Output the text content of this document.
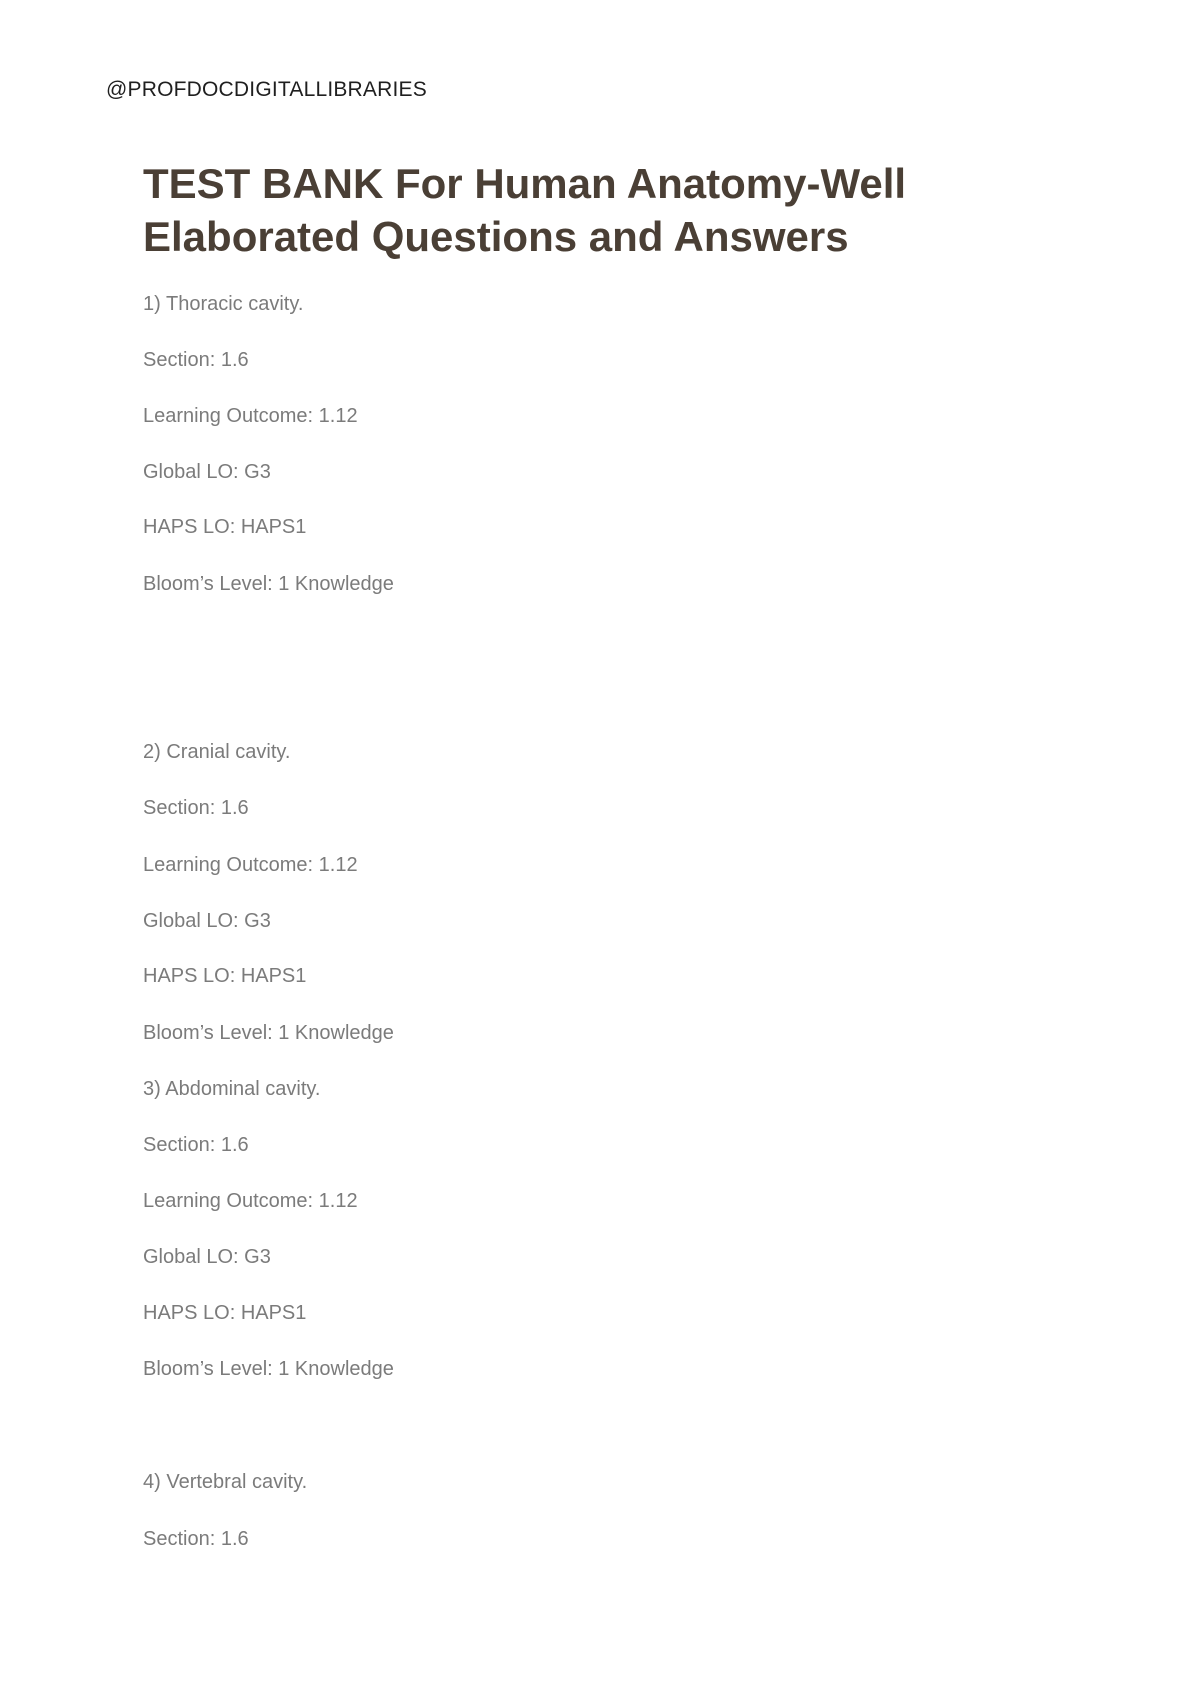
@PROFDOCDIGITALLIBRARIES
TEST BANK For Human Anatomy-Well
Elaborated Questions and Answers
1) Thoracic cavity.
Section: 1.6
Learning Outcome: 1.12
Global LO: G3
HAPS LO: HAPS1
Bloom’s Level: 1 Knowledge
2) Cranial cavity.
Section: 1.6
Learning Outcome: 1.12
Global LO: G3
HAPS LO: HAPS1
Bloom’s Level: 1 Knowledge
3) Abdominal cavity.
Section: 1.6
Learning Outcome: 1.12
Global LO: G3
HAPS LO: HAPS1
Bloom’s Level: 1 Knowledge
4) Vertebral cavity.
Section: 1.6
